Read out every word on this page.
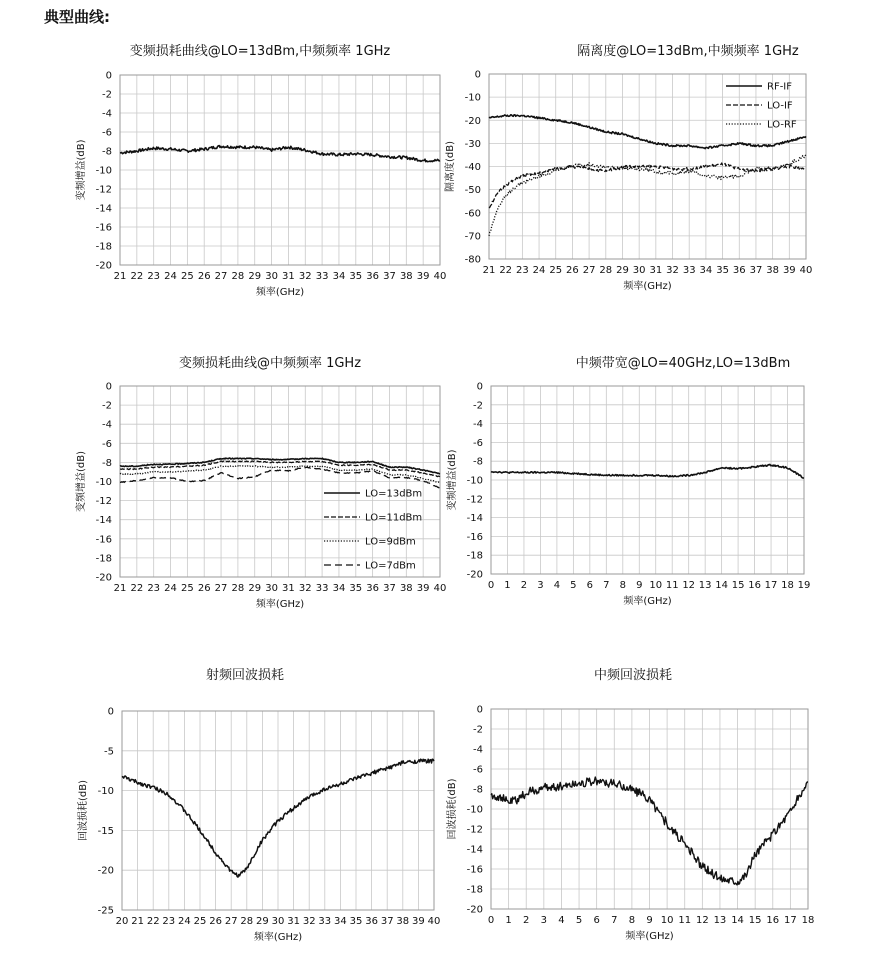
典型曲线:
变频损耗曲线@LO=13dBm,中频频率 1GHz
0
-2
-4
-6
-8
-10
-12
-14
-16
-18
-20
21 22 23 24 25 26 27 28 29 30 31 32 33 34 35 36 37 38 39 40
频率(GHz)
变频增益(dB)
隔离度@LO=13dBm,中频频率 1GHz
0
-10
-20
-30
-40
-50
-60
-70
-80
21 22 23 24 25 26 27 28 29 30 31 32 33 34 35 36 37 38 39 40
频率(GHz)
隔离度(dB)
RF-IF
LO-IF
LO-RF
变频损耗曲线@中频频率 1GHz
0
-2
-4
-6
-8
-10
-12
-14
-16
-18
-20
21 22 23 24 25 26 27 28 29 30 31 32 33 34 35 36 37 38 39 40
频率(GHz)
变频增益(dB)	LO=13dBm
LO=11dBm
LO=9dBm
LO=7dBm
中频带宽@LO=40GHz,LO=13dBm
0
-2
-4
-6
-8
-10
-12
-14
-16
-18
-20
0 1 2 3 4 5 6 7 8 9 10 11 12 13 14 15 16 17 18 19
频率(GHz)
变频增益(dB)
射频回波损耗
0
-5
-10
-15
-20
-25
20 21 22 23 24 25 26 27 28 29 30 31 32 33 34 35 36 37 38 39 40
频率(GHz)
回波损耗(dB)
中频回波损耗
0
-2
-4
-6
-8
-10
-12
-14
-16
-18
-20
0 1 2 3 4 5 6 7 8 9 10 11 12 13 14 15 16 17 18
频率(GHz)
回波损耗(dB)
